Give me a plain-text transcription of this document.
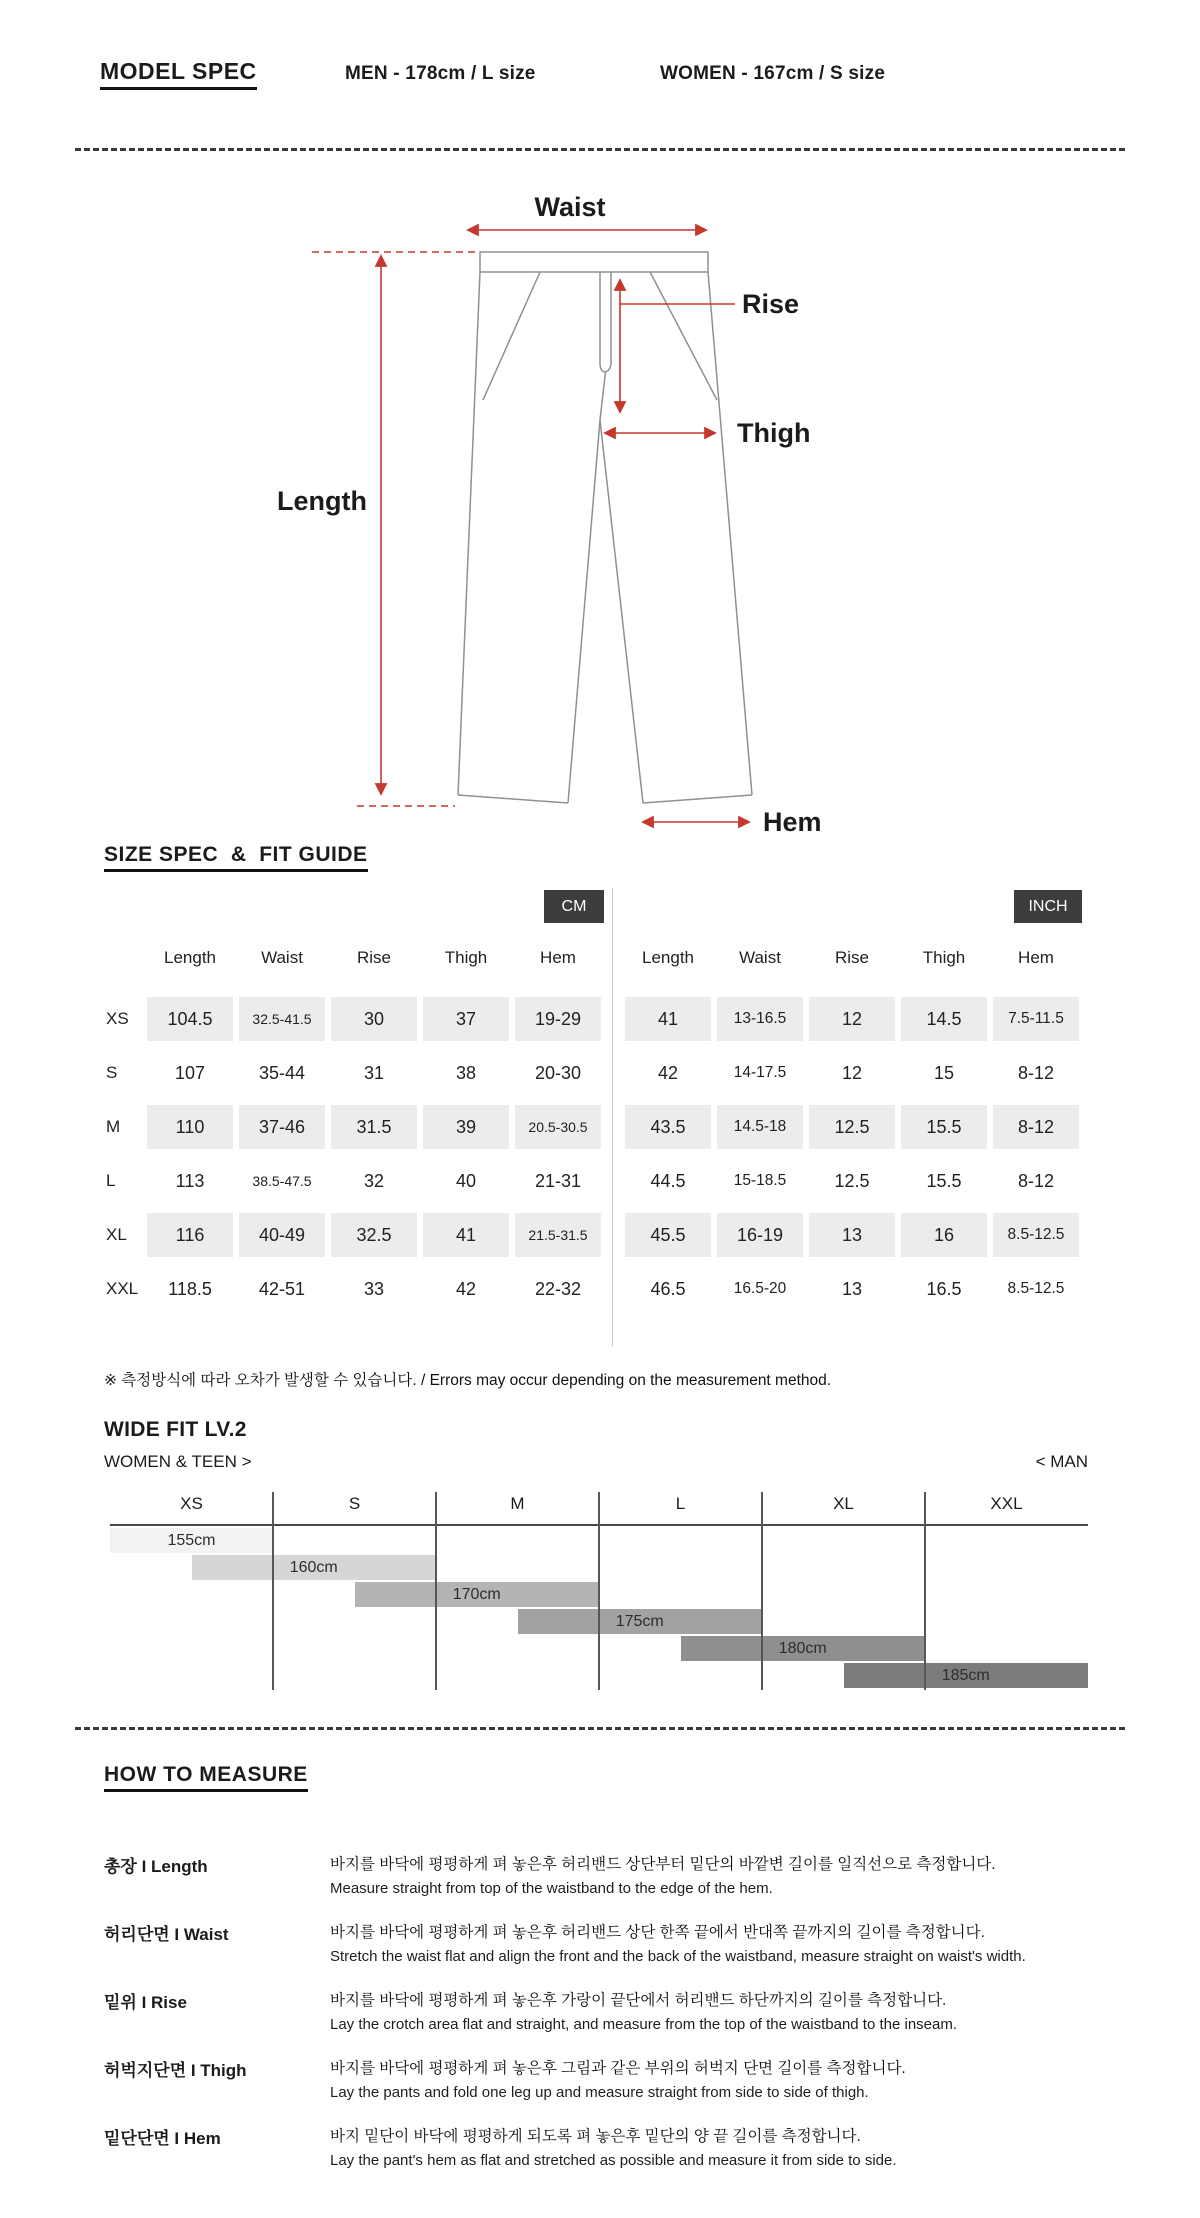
MODEL SPEC	MEN - 178cm / L size	WOMEN - 167cm / S size
Waist
Rise
Thigh
Length
Hem
SIZE SPEC  &  FIT GUIDE
CM	INCH
Length	Waist	Rise	Thigh	Hem
XS	104.5	32.5-41.5	30	37	19-29
S	107	35-44	31	38	20-30
M	110	37-46	31.5	39	20.5-30.5
L	113	38.5-47.5	32	40	21-31
XL	116	40-49	32.5	41	21.5-31.5
XXL	118.5	42-51	33	42	22-32
Length	Waist	Rise	Thigh	Hem
41	13-16.5	12	14.5	7.5-11.5
42	14-17.5	12	15	8-12
43.5	14.5-18	12.5	15.5	8-12
44.5	15-18.5	12.5	15.5	8-12
45.5	16-19	13	16	8.5-12.5
46.5	16.5-20	13	16.5	8.5-12.5
※ 측정방식에 따라 오차가 발생할 수 있습니다. / Errors may occur depending on the measurement method.
WIDE FIT LV.2
WOMEN & TEEN >	< MAN
XS	S	M	L	XL	XXL
155cm
160cm
170cm
175cm
180cm
185cm
HOW TO MEASURE
총장 I Length	바지를 바닥에 평평하게 펴 놓은후 허리밴드 상단부터 밑단의 바깥변 길이를 일직선으로 측정합니다.
Measure straight from top of the waistband to the edge of the hem.
허리단면 I Waist	바지를 바닥에 평평하게 펴 놓은후 허리밴드 상단 한쪽 끝에서 반대쪽 끝까지의 길이를 측정합니다.
Stretch the waist flat and align the front and the back of the waistband, measure straight on waist's width.
밑위 I Rise	바지를 바닥에 평평하게 펴 놓은후 가랑이 끝단에서 허리밴드 하단까지의 길이를 측정합니다.
Lay the crotch area flat and straight, and measure from the top of the waistband to the inseam.
허벅지단면 I Thigh	바지를 바닥에 평평하게 펴 놓은후 그림과 같은 부위의 허벅지 단면 길이를 측정합니다.
Lay the pants and fold one leg up and measure straight from side to side of thigh.
밑단단면 I Hem	바지 밑단이 바닥에 평평하게 되도록 펴 놓은후 밑단의 양 끝 길이를 측정합니다.
Lay the pant's hem as flat and stretched as possible and measure it from side to side.
